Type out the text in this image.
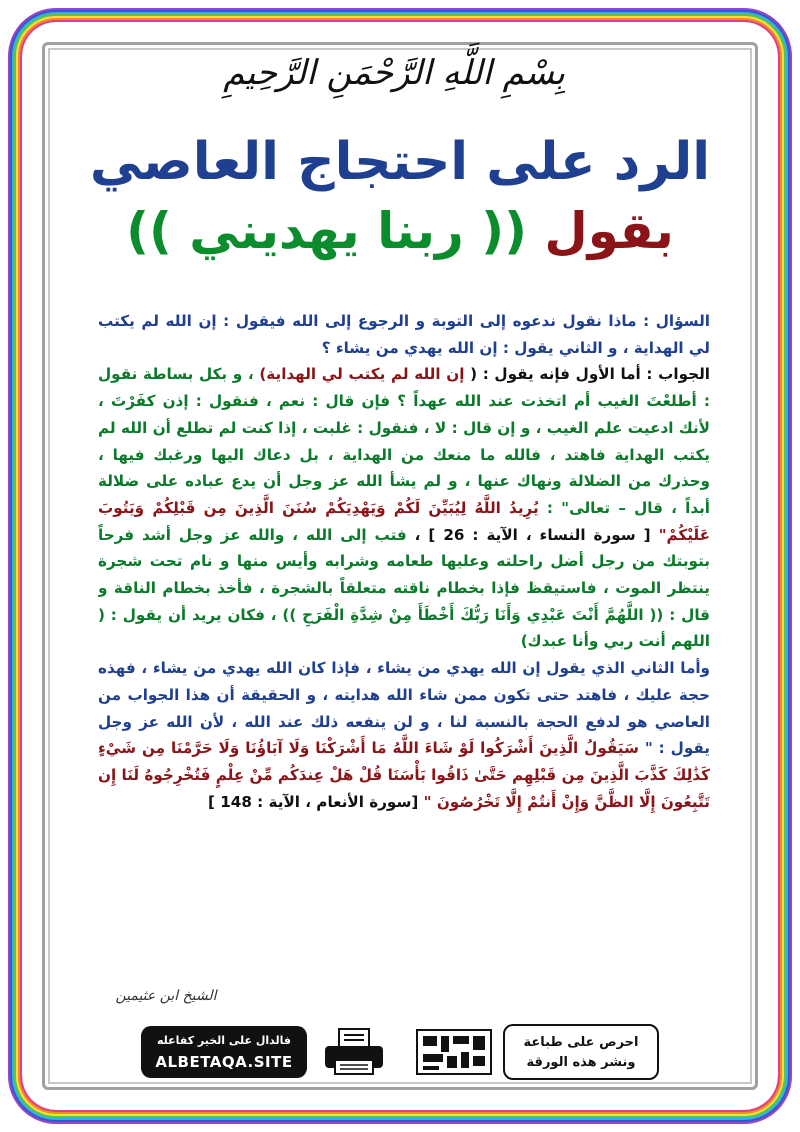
بِسْمِ اللَّهِ الرَّحْمَنِ الرَّحِيمِ
الرد على احتجاج العاصي
بقول (( ربنا يهديني ))
السؤال : ماذا نقول ندعوه إلى التوبة و الرجوع إلى الله فيقول : إن الله لم يكتب لي الهداية ، و الثاني يقول : إن الله يهدي من يشاء ؟
الجواب : أما الأول فإنه يقول : ( إن الله لم يكتب لي الهداية) ، و بكل بساطة نقول : أطلعْتَ الغيب أم اتخذت عند الله عهداً ؟ فإن قال : نعم ، فنقول : إذن كفَرْتَ ، لأنك ادعيت علم الغيب ، و إن قال : لا ، فنقول : غلبت ، إذا كنت لم تطلع أن الله لم يكتب الهداية فاهتد ، فالله ما منعك من الهداية ، بل دعاك اليها ورغبك فيها ، وحذرك من الضلالة ونهاك عنها ، و لم يشأ الله عز وجل أن يدع عباده على ضلالة أبداً ، قال – تعالى" : يُرِيدُ اللَّهُ لِيُبَيِّنَ لَكُمْ وَيَهْدِيَكُمْ سُنَنَ الَّذِينَ مِن قَبْلِكُمْ وَيَتُوبَ عَلَيْكُمْ" [ سورة النساء ، الآية : 26 ] ، فتب إلى الله ، والله عز وجل أشد فرحاً بتوبتك من رجل أضل راحلته وعليها طعامه وشرابه وأيس منها و نام تحت شجرة ينتظر الموت ، فاستيقظ فإذا بخطام ناقته متعلقاً بالشجرة ، فأخذ بخطام الناقة و قال : (( اللَّهُمَّ أَنْتَ عَبْدِي وَأَنَا رَبُّكَ أَخْطَأَ مِنْ شِدَّةِ الْفَرَحِ )) ، فكان يريد أن يقول : ( اللهم أنت ربي وأنا عبدك)
وأما الثاني الذي يقول إن الله يهدي من يشاء ، فإذا كان الله يهدي من يشاء ، فهذه حجة عليك ، فاهتد حتى تكون ممن شاء الله هدايته ، و الحقيقة أن هذا الجواب من العاصي هو لدفع الحجة بالنسبة لنا ، و لن ينفعه ذلك عند الله ، لأن الله عز وجل يقول : " سَيَقُولُ الَّذِينَ أَشْرَكُوا لَوْ شَاءَ اللَّهُ مَا أَشْرَكْنَا وَلَا آبَاؤُنَا وَلَا حَرَّمْنَا مِن شَيْءٍ كَذَٰلِكَ كَذَّبَ الَّذِينَ مِن قَبْلِهِم حَتَّىٰ ذَاقُوا بَأْسَنَا قُلْ هَلْ عِندَكُم مِّنْ عِلْمٍ فَتُخْرِجُوهُ لَنَا إِن تَتَّبِعُونَ إِلَّا الظَّنَّ وَإِنْ أَنتُمْ إِلَّا تَخْرُصُونَ " [سورة الأنعام ، الآية : 148 ]
الشيخ ابن عثيمين
احرص على طباعة
ونشر هذه الورقة
فالدال على الخير كفاعله
ALBETAQA.SITE
